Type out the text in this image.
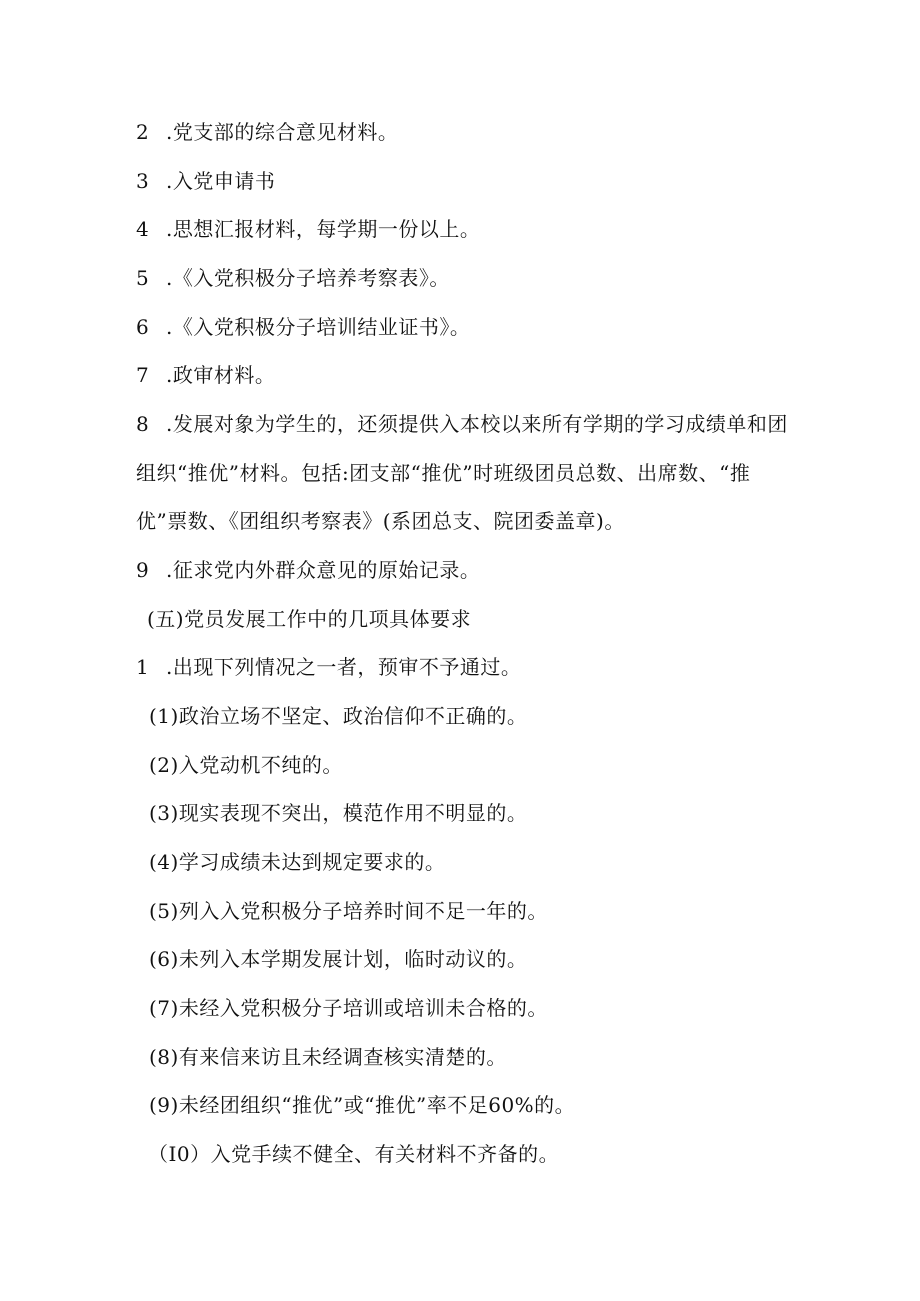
2 .党支部的综合意见材料。
3 .入党申请书
4 .思想汇报材料，每学期一份以上。
5 .《入党积极分子培养考察表》。
6 .《入党积极分子培训结业证书》。
7 .政审材料。
8 .发展对象为学生的，还须提供入本校以来所有学期的学习成绩单和团
组织“推优”材料。包括:团支部“推优”时班级团员总数、出席数、“推
优”票数、《团组织考察表》(系团总支、院团委盖章)。
9 .征求党内外群众意见的原始记录。
(五)党员发展工作中的几项具体要求
1 .出现下列情况之一者，预审不予通过。
(1)政治立场不坚定、政治信仰不正确的。
(2)入党动机不纯的。
(3)现实表现不突出，模范作用不明显的。
(4)学习成绩未达到规定要求的。
(5)列入入党积极分子培养时间不足一年的。
(6)未列入本学期发展计划，临时动议的。
(7)未经入党积极分子培训或培训未合格的。
(8)有来信来访且未经调查核实清楚的。
(9)未经团组织“推优”或“推优”率不足60%的。
（I0）入党手续不健全、有关材料不齐备的。
